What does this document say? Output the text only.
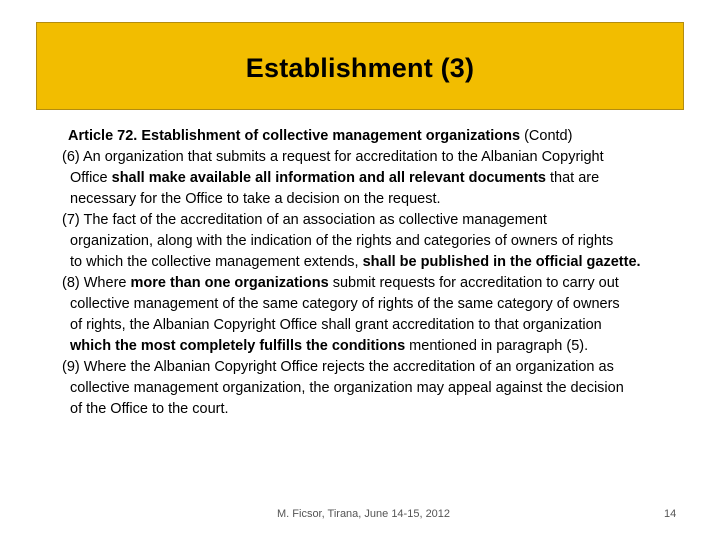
Establishment (3)
Article 72. Establishment of collective management organizations (Contd)
(6) An organization that submits a request for accreditation to the Albanian Copyright
Office shall make available all information and all relevant documents that are
necessary for the Office to take a decision on the request.
(7) The fact of the accreditation of an association as collective management
organization, along with the indication of the rights and categories of owners of rights
to which the collective management extends, shall be published in the official gazette.
(8) Where more than one organizations submit requests for accreditation to carry out
collective management of the same category of rights of the same category of owners
of rights, the Albanian Copyright Office shall grant accreditation to that organization
which the most completely fulfills the conditions mentioned in paragraph (5).
(9) Where the Albanian Copyright Office rejects the accreditation of an organization as
collective management organization, the organization may appeal against the decision
of the Office to the court.
M. Ficsor, Tirana, June 14-15, 2012	14
